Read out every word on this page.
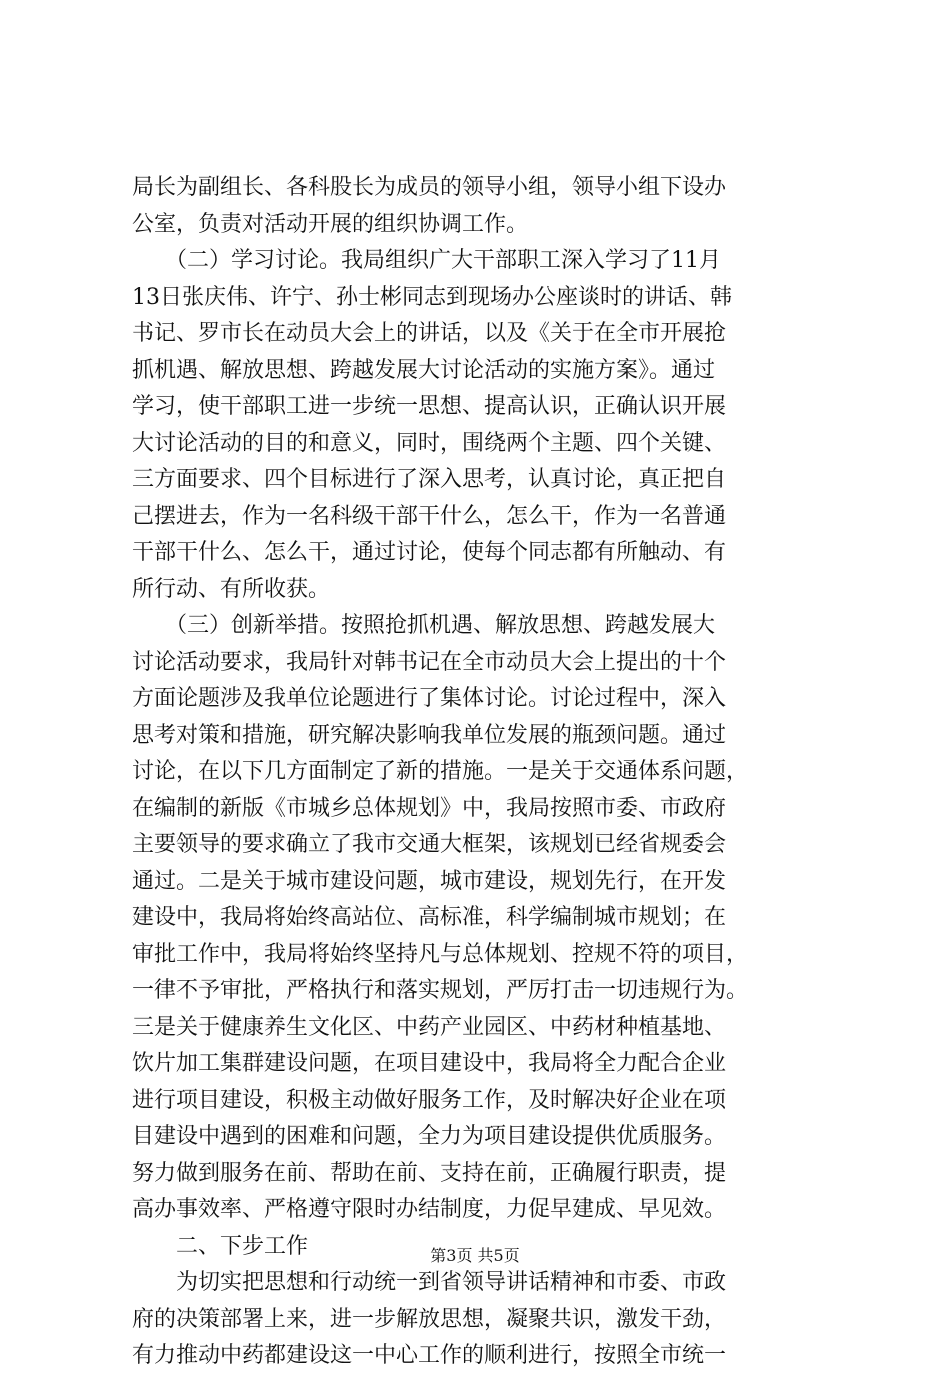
局长为副组长、各科股长为成员的领导小组，领导小组下设办
公室，负责对活动开展的组织协调工作。
　　（二）学习讨论。我局组织广大干部职工深入学习了11月
13日张庆伟、许宁、孙士彬同志到现场办公座谈时的讲话、韩
书记、罗市长在动员大会上的讲话，以及《关于在全市开展抢
抓机遇、解放思想、跨越发展大讨论活动的实施方案》。通过
学习，使干部职工进一步统一思想、提高认识，正确认识开展
大讨论活动的目的和意义，同时，围绕两个主题、四个关键、
三方面要求、四个目标进行了深入思考，认真讨论，真正把自
己摆进去，作为一名科级干部干什么，怎么干，作为一名普通
干部干什么、怎么干，通过讨论，使每个同志都有所触动、有
所行动、有所收获。
　　（三）创新举措。按照抢抓机遇、解放思想、跨越发展大
讨论活动要求，我局针对韩书记在全市动员大会上提出的十个
方面论题涉及我单位论题进行了集体讨论。讨论过程中，深入
思考对策和措施，研究解决影响我单位发展的瓶颈问题。通过
讨论，在以下几方面制定了新的措施。一是关于交通体系问题，
在编制的新版《市城乡总体规划》中，我局按照市委、市政府
主要领导的要求确立了我市交通大框架，该规划已经省规委会
通过。二是关于城市建设问题，城市建设，规划先行，在开发
建设中，我局将始终高站位、高标准，科学编制城市规划；在
审批工作中，我局将始终坚持凡与总体规划、控规不符的项目，
一律不予审批，严格执行和落实规划，严厉打击一切违规行为。
三是关于健康养生文化区、中药产业园区、中药材种植基地、
饮片加工集群建设问题，在项目建设中，我局将全力配合企业
进行项目建设，积极主动做好服务工作，及时解决好企业在项
目建设中遇到的困难和问题，全力为项目建设提供优质服务。
努力做到服务在前、帮助在前、支持在前，正确履行职责，提
高办事效率、严格遵守限时办结制度，力促早建成、早见效。
　　二、下步工作
　　为切实把思想和行动统一到省领导讲话精神和市委、市政
府的决策部署上来，进一步解放思想，凝聚共识，激发干劲，
有力推动中药都建设这一中心工作的顺利进行，按照全市统一
第3页 共5页
